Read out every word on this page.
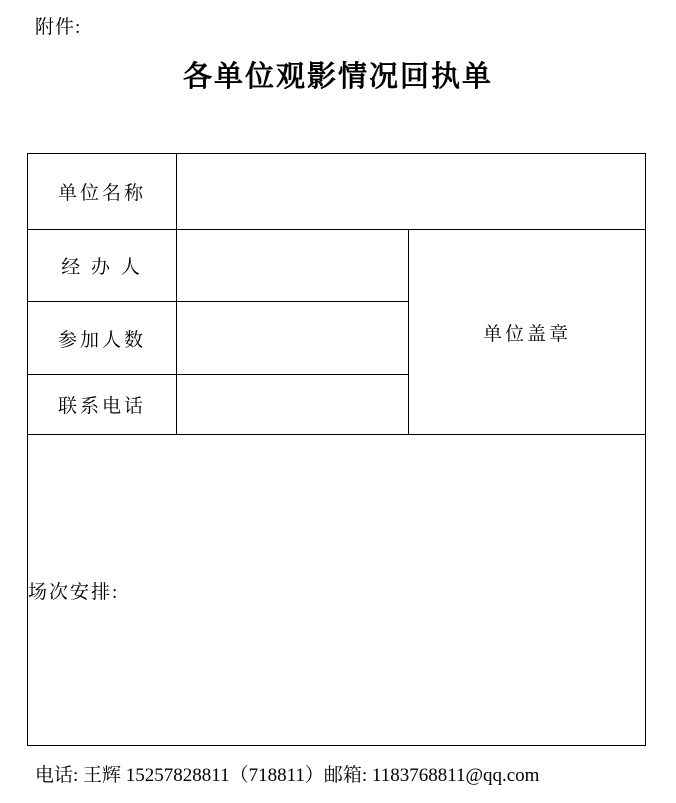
附件:
各单位观影情况回执单
单位名称		
经 办 人		单位盖章
参加人数		
联系电话		
场次安排:		
电话: 王辉 15257828811（718811）邮箱: 1183768811@qq.com
